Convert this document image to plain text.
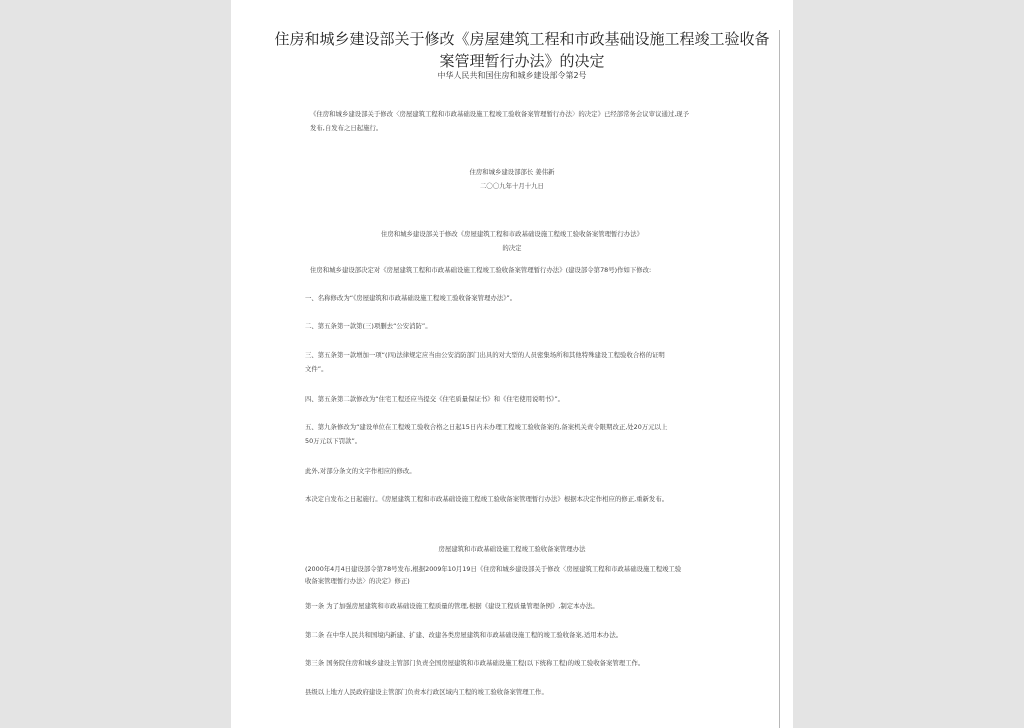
住房和城乡建设部关于修改《房屋建筑工程和市政基础设施工程竣工验收备案管理暂行办法》的决定
中华人民共和国住房和城乡建设部令第2号
《住房和城乡建设部关于修改〈房屋建筑工程和市政基础设施工程竣工验收备案管理暂行办法〉的决定》已经部常务会议审议通过,现予
发布,自发布之日起施行。
住房和城乡建设部部长 姜伟新
二〇〇九年十月十九日
住房和城乡建设部关于修改《房屋建筑工程和市政基础设施工程竣工验收备案管理暂行办法》
的决定
住房和城乡建设部决定对《房屋建筑工程和市政基础设施工程竣工验收备案管理暂行办法》(建设部令第78号)作如下修改:
一、名称修改为“《房屋建筑和市政基础设施工程竣工验收备案管理办法》”。
二、第五条第一款第(三)项删去“公安消防”。
三、第五条第一款增加一项“(四)法律规定应当由公安消防部门出具的对大型的人员密集场所和其他特殊建设工程验收合格的证明
文件”。
四、第五条第二款修改为“住宅工程还应当提交《住宅质量保证书》和《住宅使用说明书》”。
五、第九条修改为“建设单位在工程竣工验收合格之日起15日内未办理工程竣工验收备案的,备案机关责令限期改正,处20万元以上
50万元以下罚款”。
此外,对部分条文的文字作相应的修改。
本决定自发布之日起施行。《房屋建筑工程和市政基础设施工程竣工验收备案管理暂行办法》根据本决定作相应的修正,重新发布。
房屋建筑和市政基础设施工程竣工验收备案管理办法
(2000年4月4日建设部令第78号发布,根据2009年10月19日《住房和城乡建设部关于修改〈房屋建筑工程和市政基础设施工程竣工验
收备案管理暂行办法〉的决定》修正)
第一条 为了加强房屋建筑和市政基础设施工程质量的管理,根据《建设工程质量管理条例》,制定本办法。
第二条 在中华人民共和国境内新建、扩建、改建各类房屋建筑和市政基础设施工程的竣工验收备案,适用本办法。
第三条 国务院住房和城乡建设主管部门负责全国房屋建筑和市政基础设施工程(以下统称工程)的竣工验收备案管理工作。
县级以上地方人民政府建设主管部门负责本行政区域内工程的竣工验收备案管理工作。
